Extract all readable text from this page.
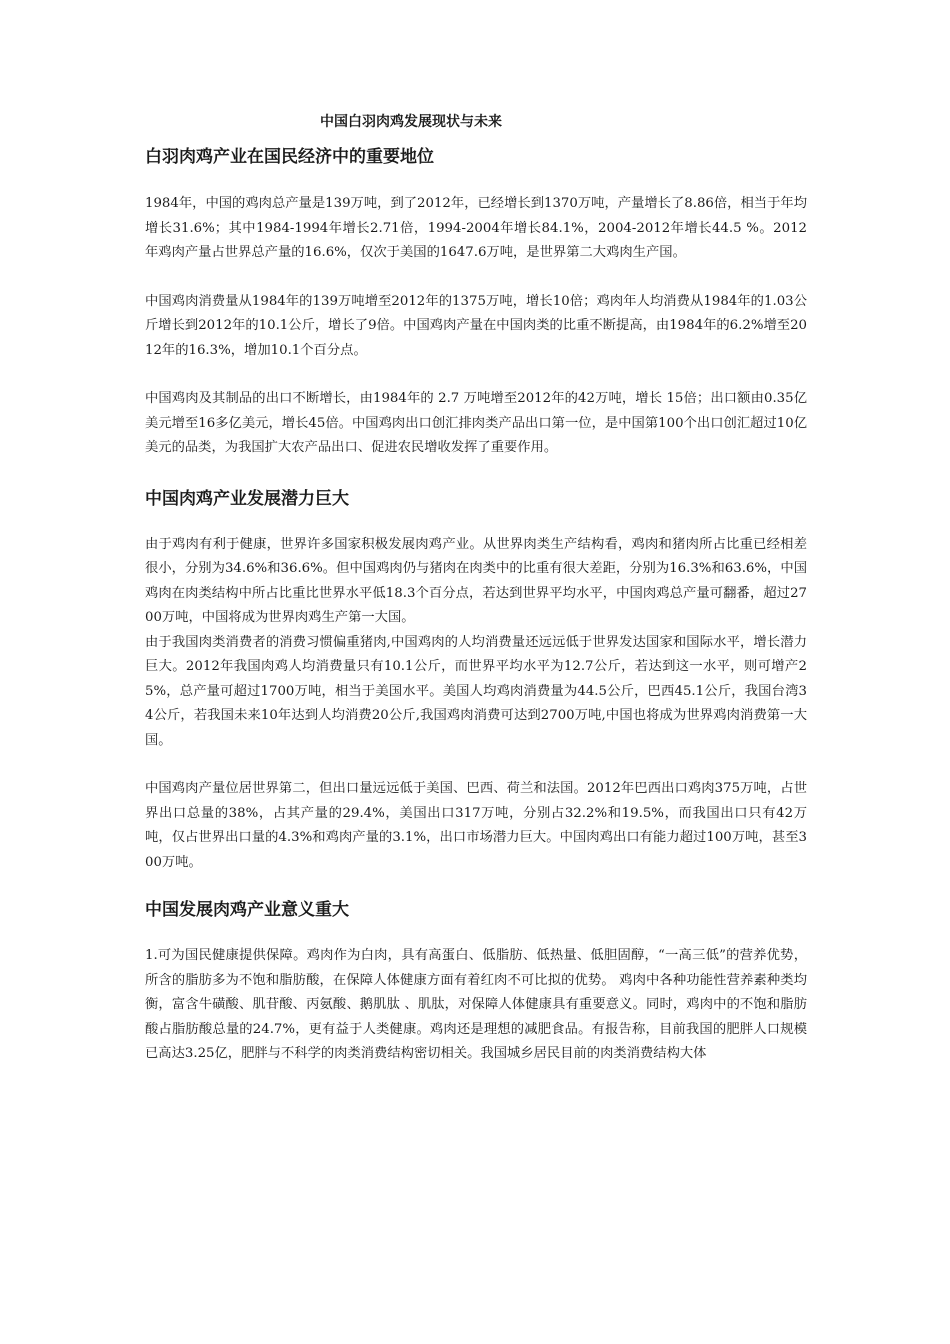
中国白羽肉鸡发展现状与未来
白羽肉鸡产业在国民经济中的重要地位

1984年，中国的鸡肉总产量是139万吨，到了2012年，已经增长到1370万吨，产量增长了8.86倍，相当于年均增长31.6%；其中1984-1994年增长2.71倍，1994-2004年增长84.1%，2004-2012年增长44.5 %。2012年鸡肉产量占世界总产量的16.6%，仅次于美国的1647.6万吨，是世界第二大鸡肉生产国。

中国鸡肉消费量从1984年的139万吨增至2012年的1375万吨，增长10倍；鸡肉年人均消费从1984年的1.03公斤增长到2012年的10.1公斤，增长了9倍。中国鸡肉产量在中国肉类的比重不断提高，由1984年的6.2%增至2012年的16.3%，增加10.1个百分点。

中国鸡肉及其制品的出口不断增长，由1984年的 2.7 万吨增至2012年的42万吨，增长 15倍；出口额由0.35亿美元增至16多亿美元，增长45倍。中国鸡肉出口创汇排肉类产品出口第一位，是中国第100个出口创汇超过10亿美元的品类，为我国扩大农产品出口、促进农民增收发挥了重要作用。

中国肉鸡产业发展潜力巨大

由于鸡肉有利于健康，世界许多国家积极发展肉鸡产业。从世界肉类生产结构看，鸡肉和猪肉所占比重已经相差很小，分别为34.6%和36.6%。但中国鸡肉仍与猪肉在肉类中的比重有很大差距，分别为16.3%和63.6%，中国鸡肉在肉类结构中所占比重比世界水平低18.3个百分点，若达到世界平均水平，中国肉鸡总产量可翻番，超过2700万吨，中国将成为世界肉鸡生产第一大国。

由于我国肉类消费者的消费习惯偏重猪肉,中国鸡肉的人均消费量还远远低于世界发达国家和国际水平，增长潜力巨大。2012年我国肉鸡人均消费量只有10.1公斤，而世界平均水平为12.7公斤，若达到这一水平，则可增产25%，总产量可超过1700万吨，相当于美国水平。美国人均鸡肉消费量为44.5公斤，巴西45.1公斤，我国台湾34公斤，若我国未来10年达到人均消费20公斤,我国鸡肉消费可达到2700万吨,中国也将成为世界鸡肉消费第一大国。

中国鸡肉产量位居世界第二，但出口量远远低于美国、巴西、荷兰和法国。2012年巴西出口鸡肉375万吨，占世界出口总量的38%，占其产量的29.4%，美国出口317万吨，分别占32.2%和19.5%，而我国出口只有42万吨，仅占世界出口量的4.3%和鸡肉产量的3.1%，出口市场潜力巨大。中国肉鸡出口有能力超过100万吨，甚至300万吨。

中国发展肉鸡产业意义重大

1.可为国民健康提供保障。鸡肉作为白肉，具有高蛋白、低脂肪、低热量、低胆固醇，“一高三低”的营养优势，所含的脂肪多为不饱和脂肪酸，在保障人体健康方面有着红肉不可比拟的优势。 鸡肉中各种功能性营养素种类均衡，富含牛磺酸、肌苷酸、丙氨酸、鹅肌肽 、肌肽，对保障人体健康具有重要意义。同时，鸡肉中的不饱和脂肪酸占脂肪酸总量的24.7%，更有益于人类健康。鸡肉还是理想的减肥食品。有报告称，目前我国的肥胖人口规模已高达3.25亿，肥胖与不科学的肉类消费结构密切相关。我国城乡居民目前的肉类消费结构大体
